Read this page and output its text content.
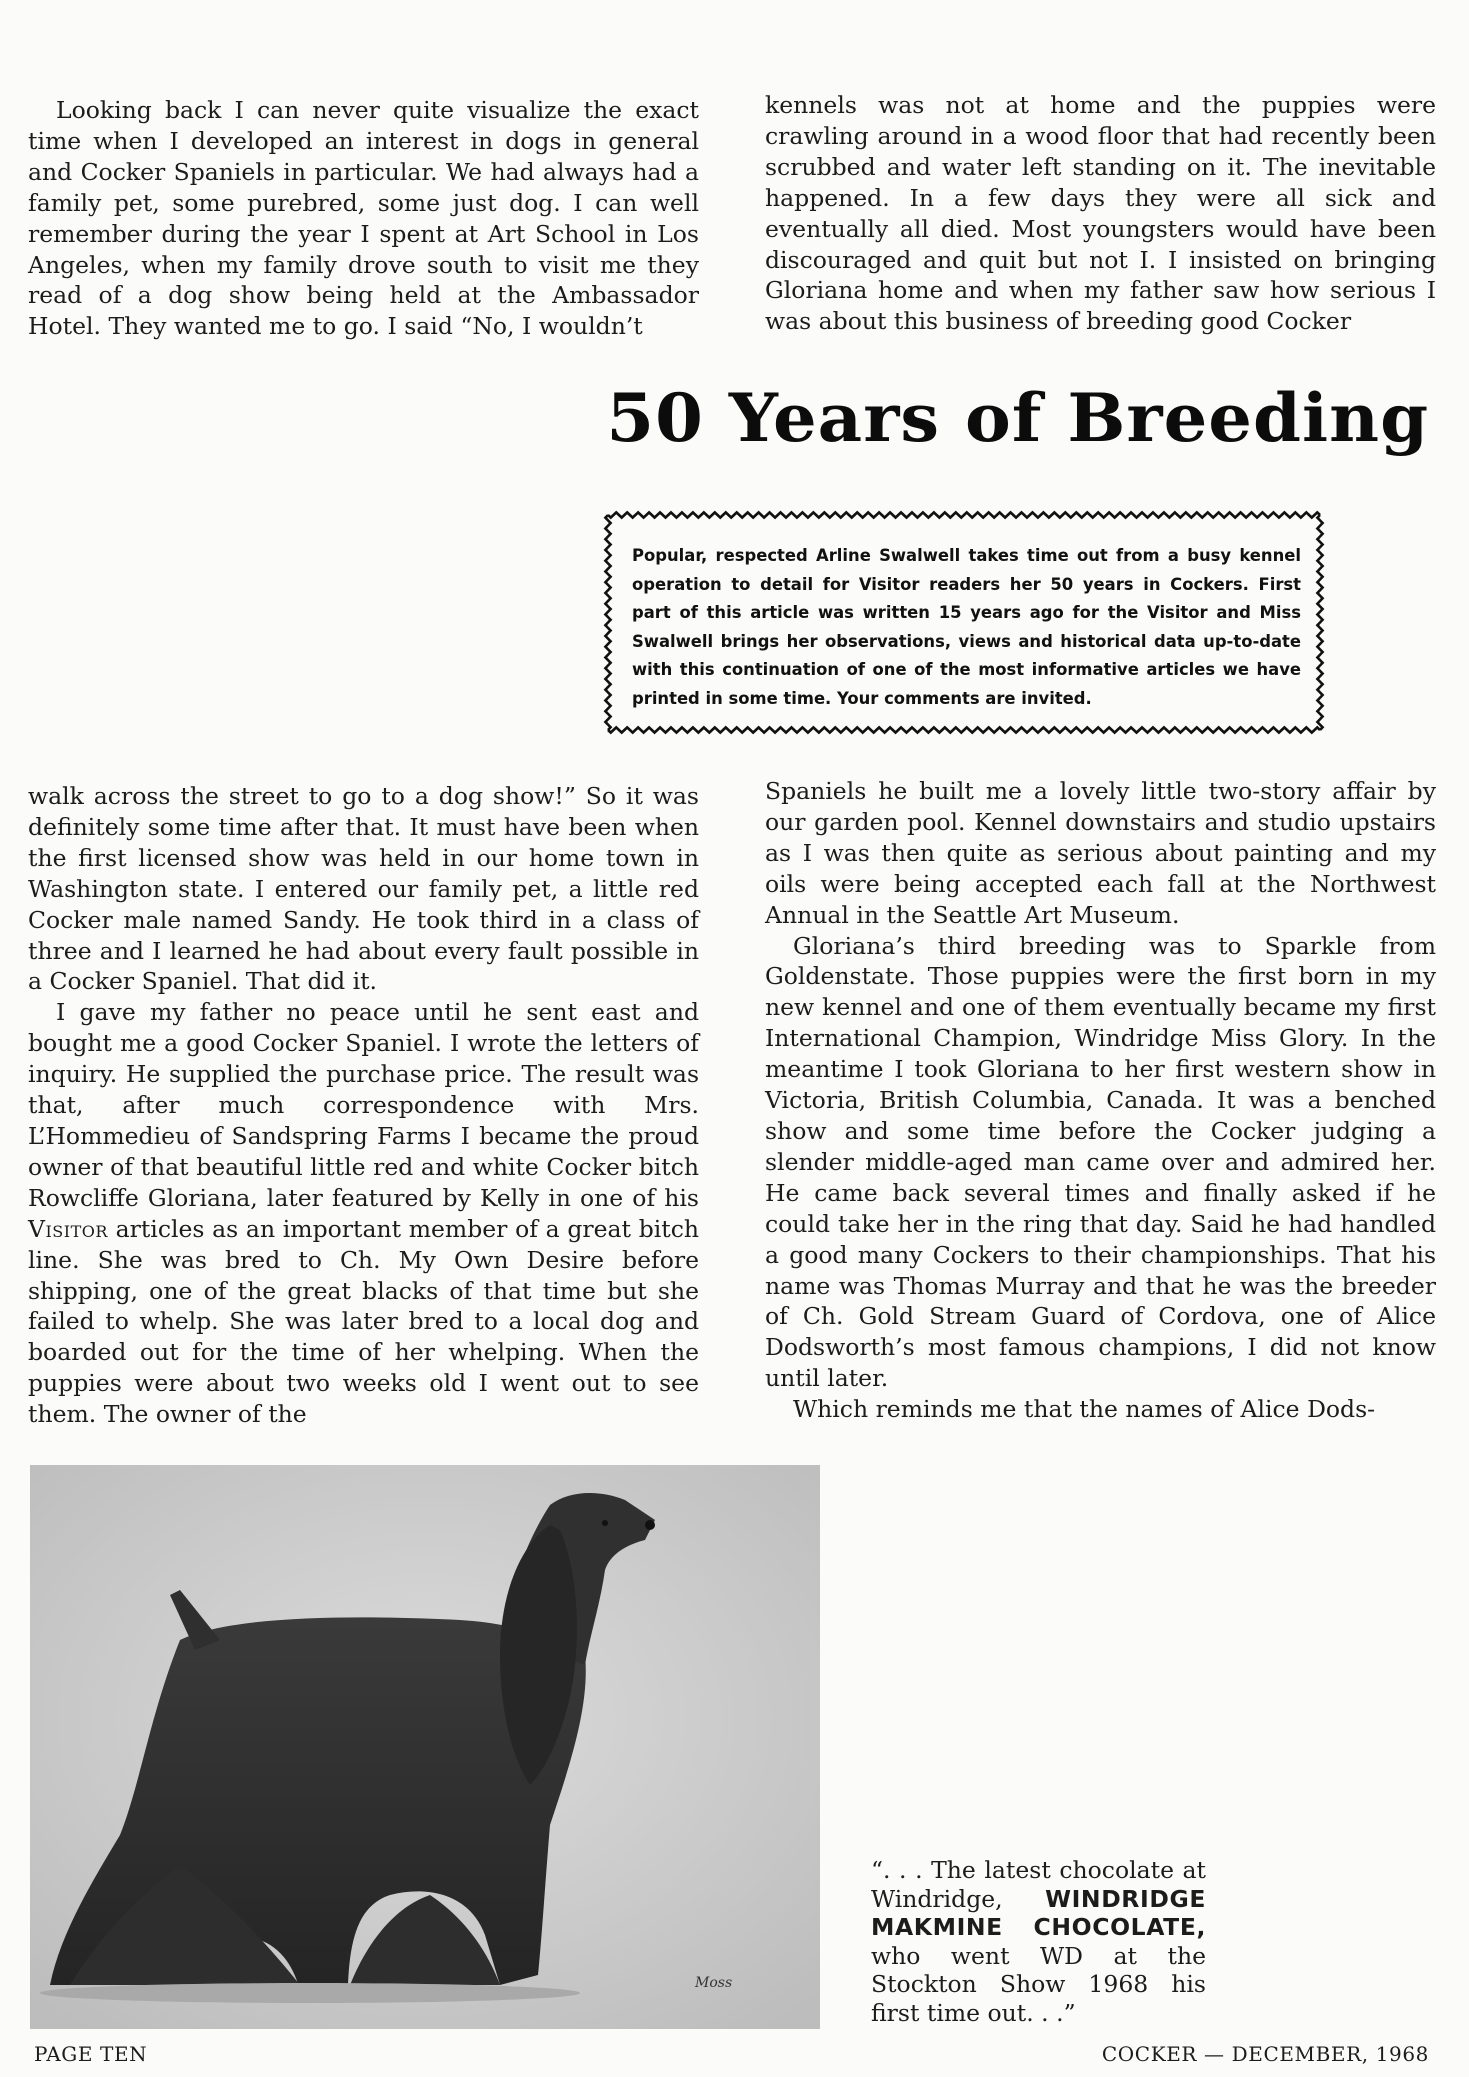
Looking back I can never quite visualize the exact time when I developed an interest in dogs in general and Cocker Spaniels in particular. We had always had a family pet, some purebred, some just dog. I can well remember during the year I spent at Art School in Los Angeles, when my family drove south to visit me they read of a dog show being held at the Ambassador Hotel. They wanted me to go. I said “No, I wouldn’t

kennels was not at home and the puppies were crawling around in a wood floor that had recently been scrubbed and water left standing on it. The inevitable happened. In a few days they were all sick and eventually all died. Most youngsters would have been discouraged and quit but not I. I insisted on bringing Gloriana home and when my father saw how serious I was about this business of breeding good Cocker

50 Years of Breeding
Popular, respected Arline Swalwell takes time out from a busy kennel operation to detail for Visitor readers her 50 years in Cockers. First part of this article was written 15 years ago for the Visitor and Miss Swalwell brings her observations, views and historical data up-to-date with this continuation of one of the most informative articles we have printed in some time. Your comments are invited.

walk across the street to go to a dog show!” So it was definitely some time after that. It must have been when the first licensed show was held in our home town in Washington state. I entered our family pet, a little red Cocker male named Sandy. He took third in a class of three and I learned he had about every fault possible in a Cocker Spaniel. That did it.

I gave my father no peace until he sent east and bought me a good Cocker Spaniel. I wrote the letters of inquiry. He supplied the purchase price. The result was that, after much correspondence with Mrs. L’Hommedieu of Sandspring Farms I became the proud owner of that beautiful little red and white Cocker bitch Rowcliffe Gloriana, later featured by Kelly in one of his Visitor articles as an important member of a great bitch line. She was bred to Ch. My Own Desire before shipping, one of the great blacks of that time but she failed to whelp. She was later bred to a local dog and boarded out for the time of her whelping. When the puppies were about two weeks old I went out to see them. The owner of the

Spaniels he built me a lovely little two-story affair by our garden pool. Kennel downstairs and studio upstairs as I was then quite as serious about painting and my oils were being accepted each fall at the Northwest Annual in the Seattle Art Museum.

Gloriana’s third breeding was to Sparkle from Goldenstate. Those puppies were the first born in my new kennel and one of them eventually became my first International Champion, Windridge Miss Glory. In the meantime I took Gloriana to her first western show in Victoria, British Columbia, Canada. It was a benched show and some time before the Cocker judging a slender middle-aged man came over and admired her. He came back several times and finally asked if he could take her in the ring that day. Said he had handled a good many Cockers to their championships. That his name was Thomas Murray and that he was the breeder of Ch. Gold Stream Guard of Cordova, one of Alice Dodsworth’s most famous champions, I did not know until later.

Which reminds me that the names of Alice Dods-

Moss
“. . . The latest chocolate at Windridge, WINDRIDGE MAKMINE CHOCOLATE, who went WD at the Stockton Show 1968 his first time out. . .”
PAGE TEN	COCKER — DECEMBER, 1968
